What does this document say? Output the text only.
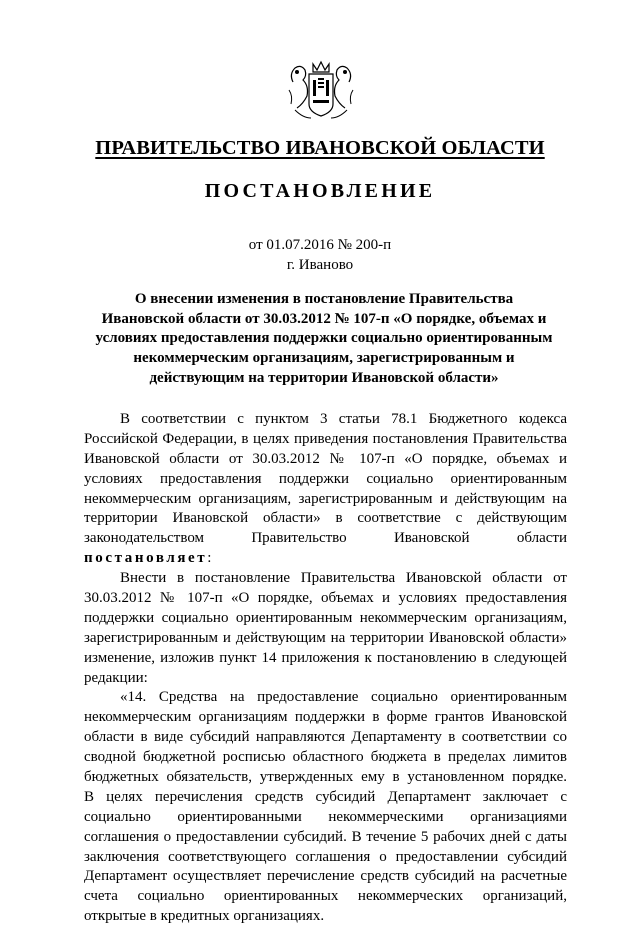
ПРАВИТЕЛЬСТВО ИВАНОВСКОЙ ОБЛАСТИ
ПОСТАНОВЛЕНИЕ
от 01.07.2016 № 200-п
г. Иваново
О внесении изменения в постановление Правительства
Ивановской области от 30.03.2012 № 107-п «О порядке, объемах и
условиях предоставления поддержки социально ориентированным
некоммерческим организациям, зарегистрированным и
действующим на территории Ивановской области»
В соответствии с пунктом 3 статьи 78.1 Бюджетного кодекса
Российской Федерации, в целях приведения постановления Правительства
Ивановской области от 30.03.2012 № 107-п «О порядке, объемах и
условиях предоставления поддержки социально ориентированным
некоммерческим организациям, зарегистрированным и действующим на
территории Ивановской области» в соответствие с действующим
законодательством Правительство Ивановской области
постановляет:
Внести в постановление Правительства Ивановской области от
30.03.2012 № 107-п «О порядке, объемах и условиях предоставления
поддержки социально ориентированным некоммерческим организациям,
зарегистрированным и действующим на территории Ивановской области»
изменение, изложив пункт 14 приложения к постановлению в следующей
редакции:
«14. Средства на предоставление социально ориентированным
некоммерческим организациям поддержки в форме грантов Ивановской
области в виде субсидий направляются Департаменту в соответствии со
сводной бюджетной росписью областного бюджета в пределах лимитов
бюджетных обязательств, утвержденных ему в установленном порядке.
В целях перечисления средств субсидий Департамент заключает с
социально ориентированными некоммерческими организациями
соглашения о предоставлении субсидий. В течение 5 рабочих дней с даты
заключения соответствующего соглашения о предоставлении субсидий
Департамент осуществляет перечисление средств субсидий на расчетные
счета социально ориентированных некоммерческих организаций,
открытые в кредитных организациях.
